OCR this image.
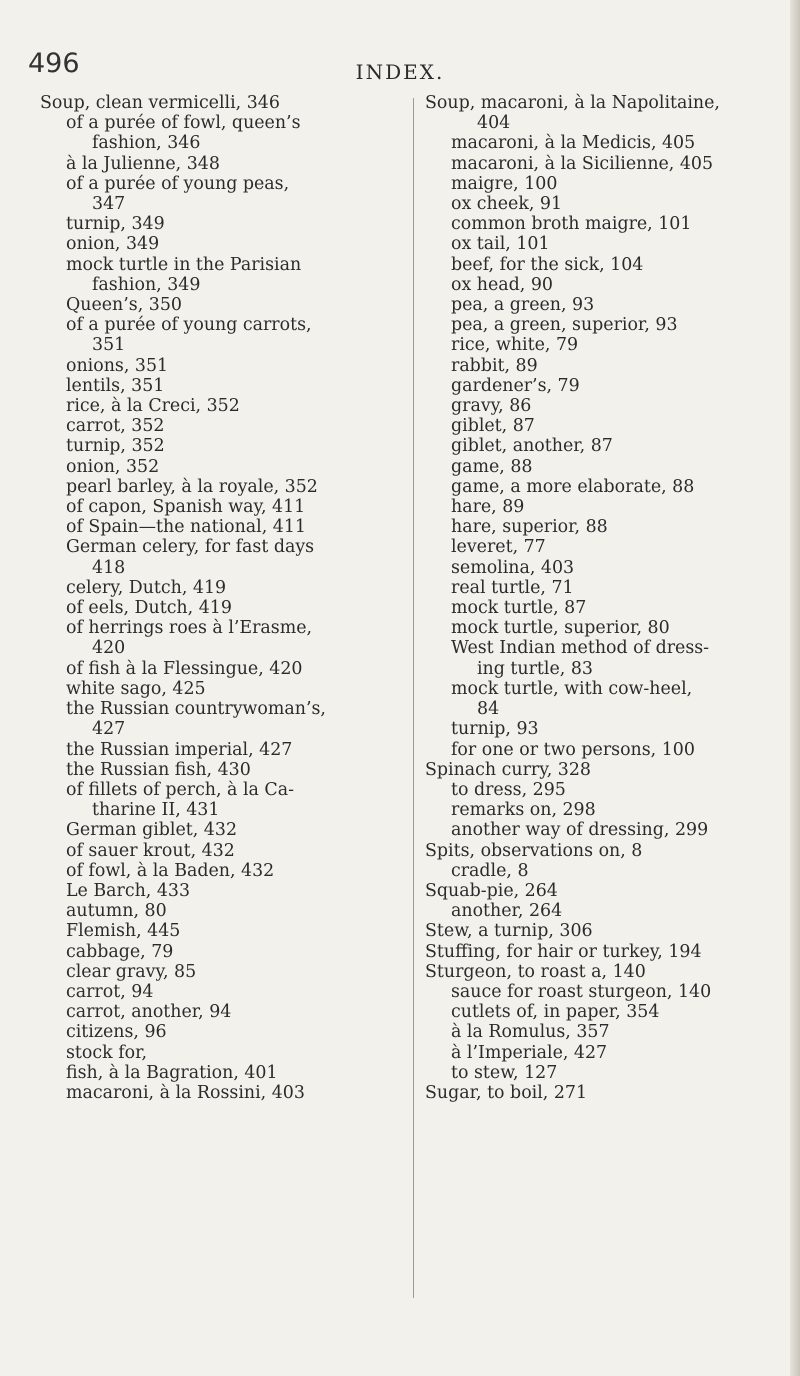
496	INDEX.
Soup, clean vermicelli, 346
of a purée of fowl, queen’s
fashion, 346
à la Julienne, 348
of a purée of young peas,
347
turnip, 349
onion, 349
mock turtle in the Parisian
fashion, 349
Queen’s, 350
of a purée of young carrots,
351
onions, 351
lentils, 351
rice, à la Creci, 352
carrot, 352
turnip, 352
onion, 352
pearl barley, à la royale, 352
of capon, Spanish way, 411
of Spain—the national, 411
German celery, for fast days
418
celery, Dutch, 419
of eels, Dutch, 419
of herrings roes à l’Erasme,
420
of fish à la Flessingue, 420
white sago, 425
the Russian countrywoman’s,
427
the Russian imperial, 427
the Russian fish, 430
of fillets of perch, à la Ca-
tharine II, 431
German giblet, 432
of sauer krout, 432
of fowl, à la Baden, 432
Le Barch, 433
autumn, 80
Flemish, 445
cabbage, 79
clear gravy, 85
carrot, 94
carrot, another, 94
citizens, 96
stock for,
fish, à la Bagration, 401
macaroni, à la Rossini, 403
Soup, macaroni, à la Napolitaine,
404
macaroni, à la Medicis, 405
macaroni, à la Sicilienne, 405
maigre, 100
ox cheek, 91
common broth maigre, 101
ox tail, 101
beef, for the sick, 104
ox head, 90
pea, a green, 93
pea, a green, superior, 93
rice, white, 79
rabbit, 89
gardener’s, 79
gravy, 86
giblet, 87
giblet, another, 87
game, 88
game, a more elaborate, 88
hare, 89
hare, superior, 88
leveret, 77
semolina, 403
real turtle, 71
mock turtle, 87
mock turtle, superior, 80
West Indian method of dress-
ing turtle, 83
mock turtle, with cow-heel,
84
turnip, 93
for one or two persons, 100
Spinach curry, 328
to dress, 295
remarks on, 298
another way of dressing, 299
Spits, observations on, 8
cradle, 8
Squab-pie, 264
another, 264
Stew, a turnip, 306
Stuffing, for hair or turkey, 194
Sturgeon, to roast a, 140
sauce for roast sturgeon, 140
cutlets of, in paper, 354
à la Romulus, 357
à l’Imperiale, 427
to stew, 127
Sugar, to boil, 271
